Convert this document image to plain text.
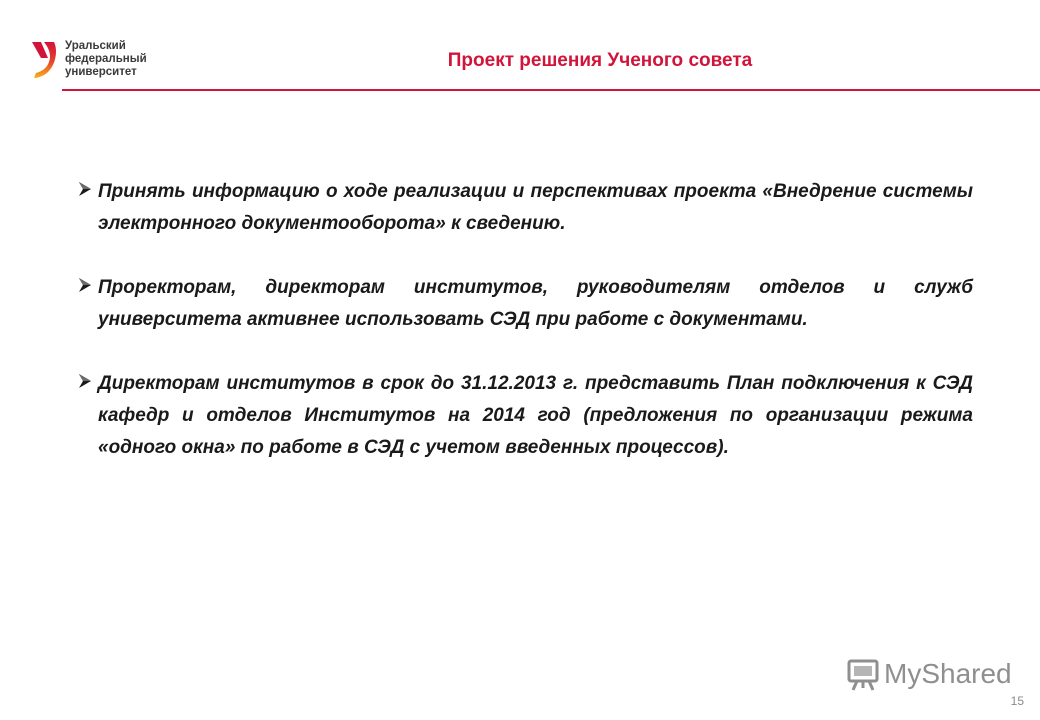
Уральский
федеральный
университет
Проект решения Ученого совета
Принять информацию о ходе реализации и перспективах проекта «Внедрение системы электронного документооборота» к сведению.
Проректорам, директорам институтов, руководителям отделов и служб университета активнее использовать СЭД при работе с документами.
Директорам институтов в срок до 31.12.2013 г. представить План подключения к СЭД кафедр и отделов Институтов на 2014 год (предложения по организации режима «одного окна» по работе в СЭД с учетом введенных процессов).
MyShared
15
